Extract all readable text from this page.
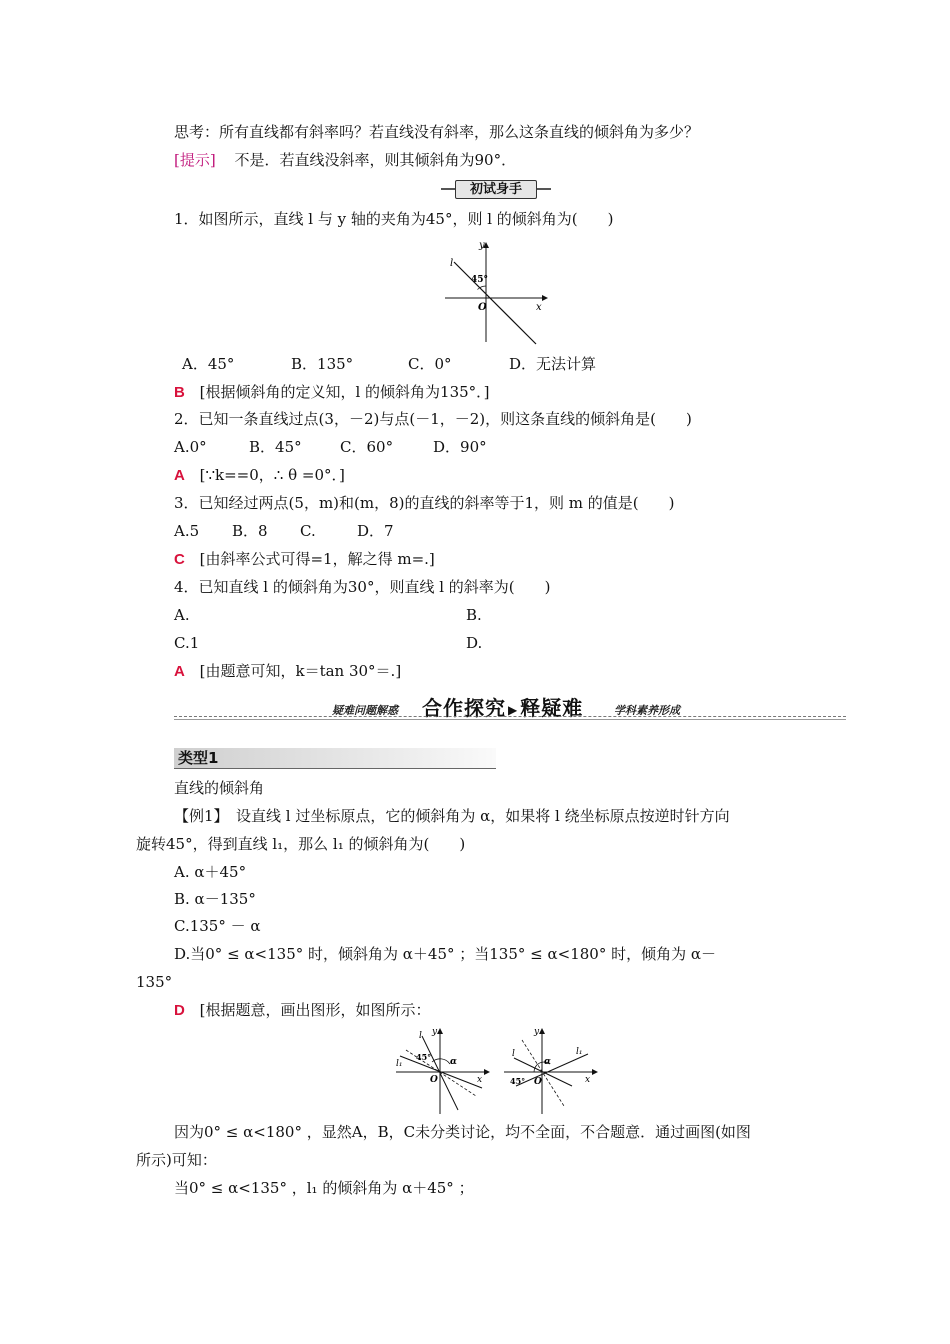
思考：所有直线都有斜率吗？若直线没有斜率，那么这条直线的倾斜角为多少？
[提示] 不是．若直线没斜率，则其倾斜角为90°．
初试身手
1．如图所示，直线 l 与 y 轴的夹角为45°，则 l 的倾斜角为(　　)
y
x
O
l
45°
A．45°	B．135°	C．0°	D．无法计算
B [根据倾斜角的定义知，l 的倾斜角为135°．]
2．已知一条直线过点(3，－2)与点(－1，－2)，则这条直线的倾斜角是(　　)
A.0°	B．45°	C．60°	D．90°
A [∵k==0，∴ θ =0°．]
3．已知经过两点(5，m)和(m，8)的直线的斜率等于1，则 m 的值是(　　)
A.5 B．8 C.	D．7
C [由斜率公式可得=1，解之得 m=.]
4．已知直线 l 的倾斜角为30°，则直线 l 的斜率为(　　)
A.	B.
C.1	D.
A [由题意可知，k＝tan 30°＝.]
疑难问题解惑 合作探究 ▶ 释疑难	学科素养形成
类型1
直线的倾斜角
【例1】　设直线 l 过坐标原点，它的倾斜角为 α，如果将 l 绕坐标原点按逆时针方向
旋转45°，得到直线 l₁，那么 l₁ 的倾斜角为(　　)
A. α＋45°
B. α－135°
C.135° － α
D.当0° ≤ α<135° 时，倾斜角为 α＋45° ；当135° ≤ α<180° 时，倾角为 α－
135°
D [根据题意，画出图形，如图所示：
y
x
O
l
l₁
45° α
y
x
O
l	l₁
45°
α
因为0° ≤ α<180° ，显然A，B，C未分类讨论，均不全面，不合题意．通过画图(如图
所示)可知：
当0° ≤ α<135° ，l₁ 的倾斜角为 α＋45° ；
